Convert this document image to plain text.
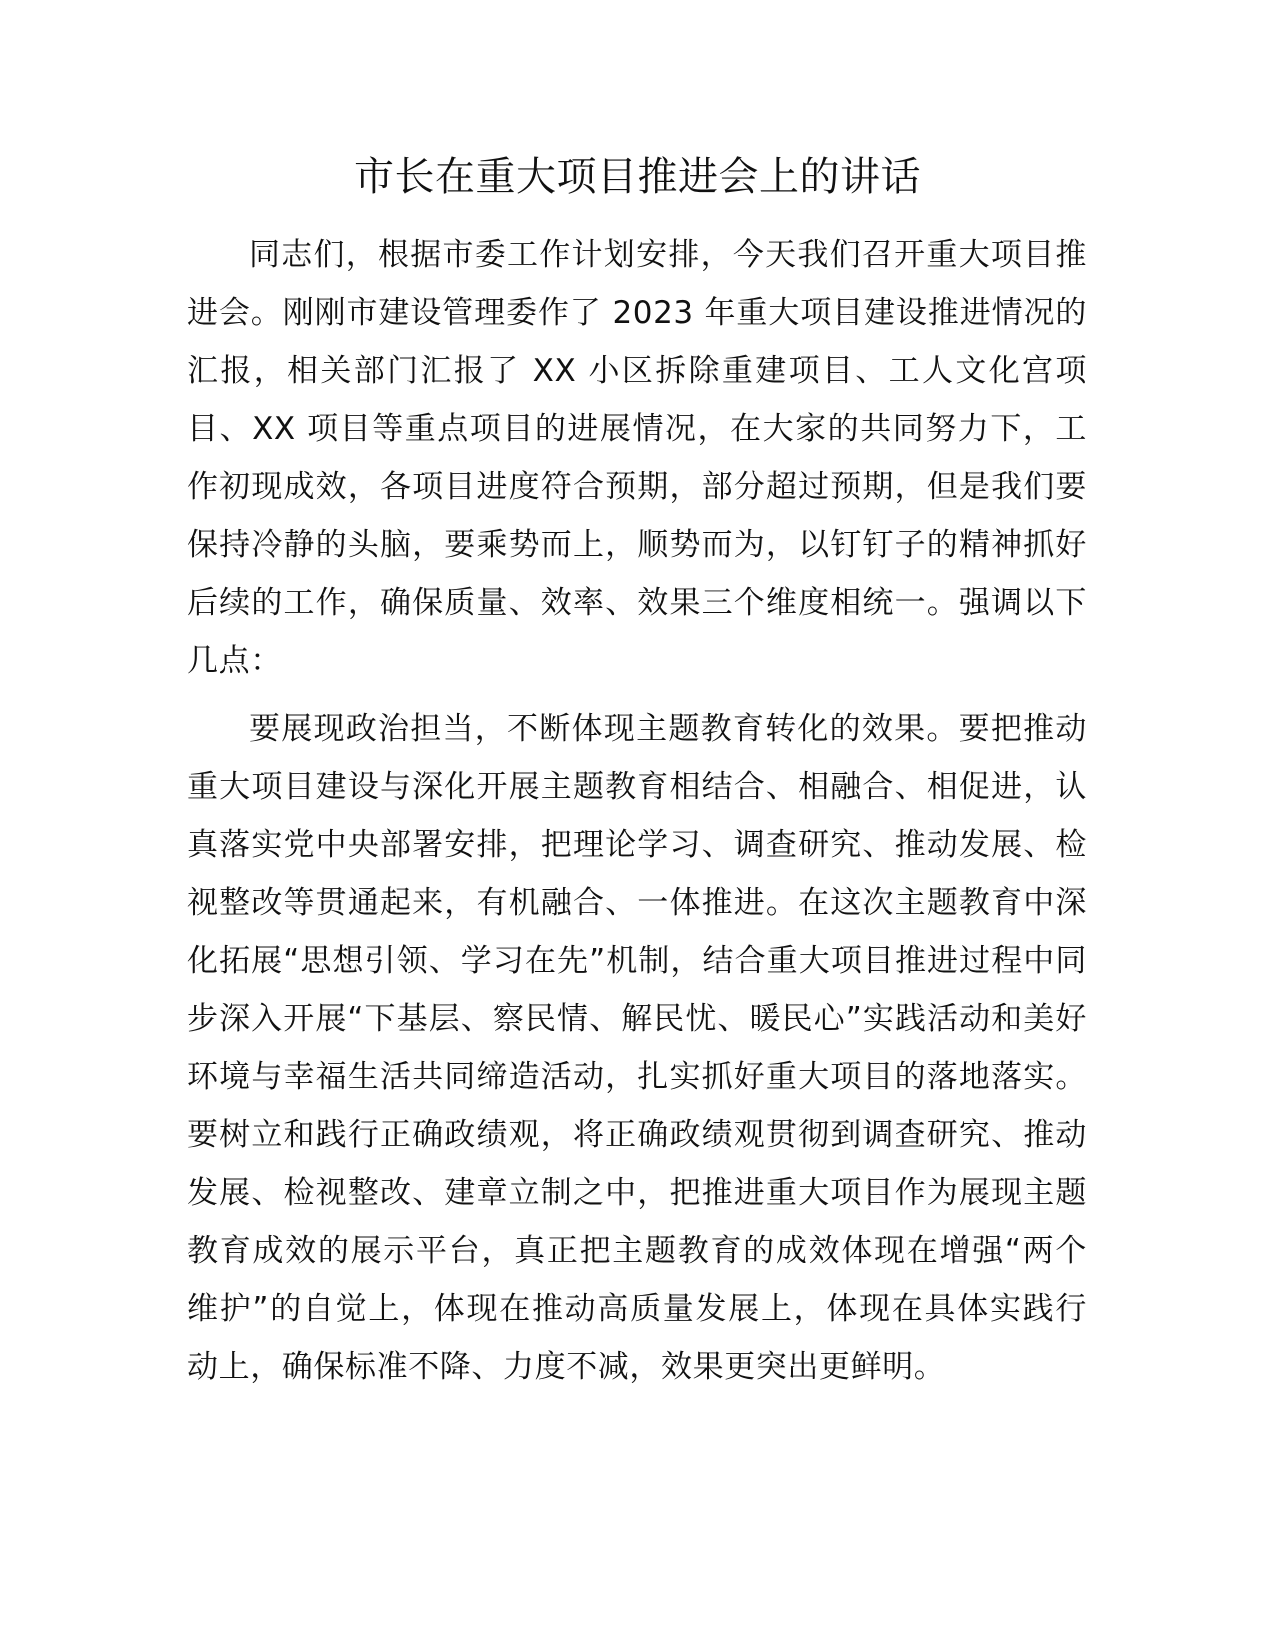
市长在重大项目推进会上的讲话

同志们，根据市委工作计划安排，今天我们召开重大项目推进会。刚刚市建设管理委作了 2023 年重大项目建设推进情况的汇报，相关部门汇报了 XX 小区拆除重建项目、工人文化宫项目、XX 项目等重点项目的进展情况，在大家的共同努力下，工作初现成效，各项目进度符合预期，部分超过预期，但是我们要保持冷静的头脑，要乘势而上，顺势而为，以钉钉子的精神抓好后续的工作，确保质量、效率、效果三个维度相统一。强调以下几点：

要展现政治担当，不断体现主题教育转化的效果。要把推动重大项目建设与深化开展主题教育相结合、相融合、相促进，认真落实党中央部署安排，把理论学习、调查研究、推动发展、检视整改等贯通起来，有机融合、一体推进。在这次主题教育中深化拓展“思想引领、学习在先”机制，结合重大项目推进过程中同步深入开展“下基层、察民情、解民忧、暖民心”实践活动和美好环境与幸福生活共同缔造活动，扎实抓好重大项目的落地落实。要树立和践行正确政绩观，将正确政绩观贯彻到调查研究、推动发展、检视整改、建章立制之中，把推进重大项目作为展现主题教育成效的展示平台，真正把主题教育的成效体现在增强“两个维护”的自觉上，体现在推动高质量发展上，体现在具体实践行动上，确保标准不降、力度不减，效果更突出更鲜明。
